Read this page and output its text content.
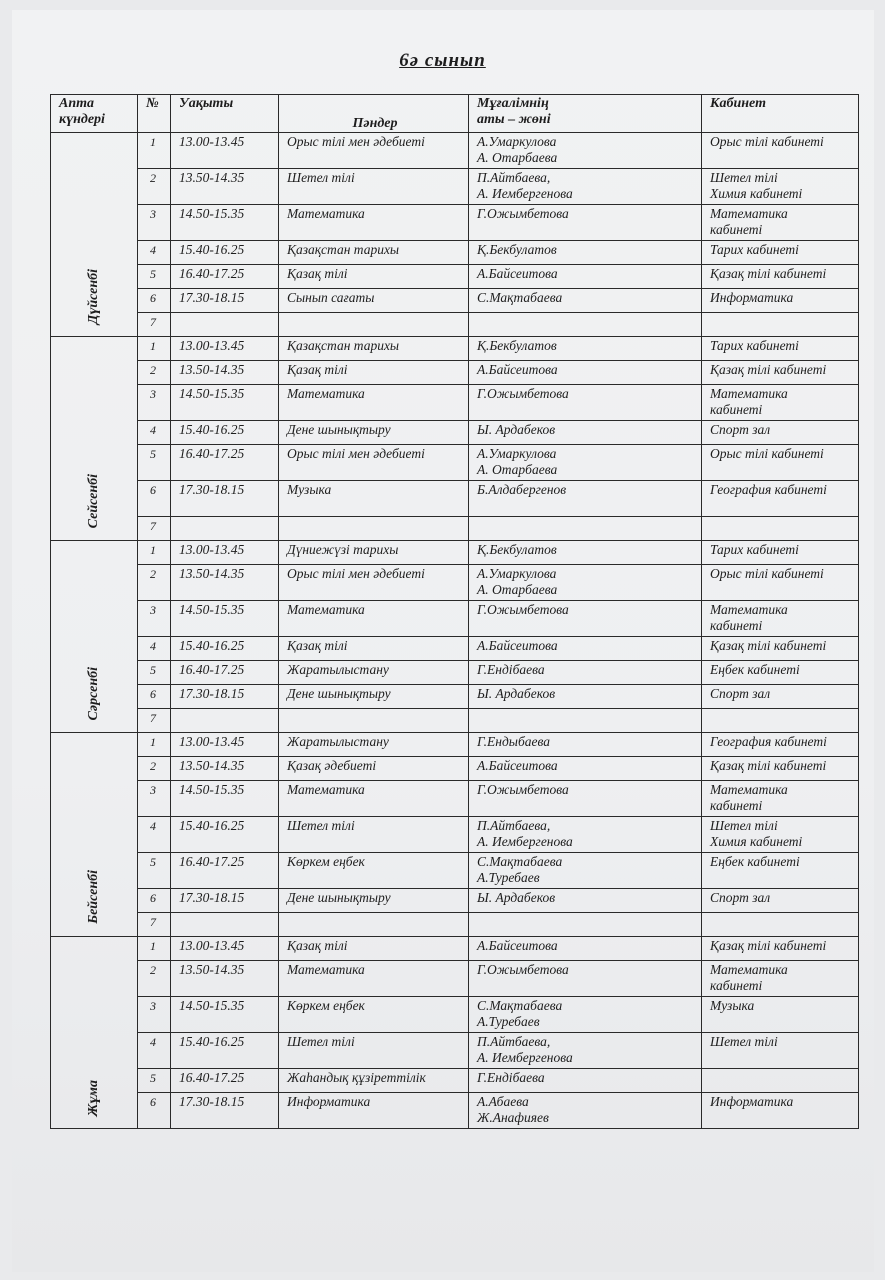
6ә сынып
Апта
күндері	№	Уақыты	Пәндер	Мұғалімнің
аты – жөні	Кабинет
Дүйсенбі	1	13.00-13.45	Орыс тілі мен әдебиеті	А.Умаркулова
А. Отарбаева	Орыс тілі кабинеті

	2	13.50-14.35	Шетел тілі	П.Айтбаева,
А. Иембергенова	Шетел тілі
Химия кабинеті

	3	14.50-15.35	Математика	Г.Ожымбетова	Математика
кабинеті

	4	15.40-16.25	Қазақстан тарихы	Қ.Бекбулатов	Тарих кабинеті

	5	16.40-17.25	Қазақ тілі	А.Байсеитова	Қазақ тілі кабинеті

	6	17.30-18.15	Сынып сағаты	С.Мақтабаева	Информатика

	7				
Сейсенбі	1	13.00-13.45	Қазақстан тарихы	Қ.Бекбулатов	Тарих кабинеті

	2	13.50-14.35	Қазақ тілі	А.Байсеитова	Қазақ тілі кабинеті

	3	14.50-15.35	Математика	Г.Ожымбетова	Математика
кабинеті

	4	15.40-16.25	Дене шынықтыру	Ы. Ардабеков	Спорт зал

	5	16.40-17.25	Орыс тілі мен әдебиеті	А.Умаркулова
А. Отарбаева	Орыс тілі кабинеті

	6	17.30-18.15	Музыка	Б.Алдабергенов	География кабинеті

	7				
Сәрсенбі	1	13.00-13.45	Дүниежүзі тарихы	Қ.Бекбулатов	Тарих кабинеті

	2	13.50-14.35	Орыс тілі мен әдебиеті	А.Умаркулова
А. Отарбаева	Орыс тілі кабинеті

	3	14.50-15.35	Математика	Г.Ожымбетова	Математика
кабинеті

	4	15.40-16.25	Қазақ тілі	А.Байсеитова	Қазақ тілі кабинеті

	5	16.40-17.25	Жаратылыстану	Г.Ендібаева	Еңбек кабинеті

	6	17.30-18.15	Дене шынықтыру	Ы. Ардабеков	Спорт зал

	7				
Бейсенбі	1	13.00-13.45	Жаратылыстану	Г.Ендыбаева	География кабинеті

	2	13.50-14.35	Қазақ әдебиеті	А.Байсеитова	Қазақ тілі кабинеті

	3	14.50-15.35	Математика	Г.Ожымбетова	Математика
кабинеті

	4	15.40-16.25	Шетел тілі	П.Айтбаева,
А. Иембергенова	Шетел тілі
Химия кабинеті

	5	16.40-17.25	Көркем еңбек	С.Мақтабаева
А.Туребаев	Еңбек кабинеті

	6	17.30-18.15	Дене шынықтыру	Ы. Ардабеков	Спорт зал

	7				
Жұма	1	13.00-13.45	Қазақ тілі	А.Байсеитова	Қазақ тілі кабинеті

	2	13.50-14.35	Математика	Г.Ожымбетова	Математика
кабинеті

	3	14.50-15.35	Көркем еңбек	С.Мақтабаева
А.Туребаев	Музыка

	4	15.40-16.25	Шетел тілі	П.Айтбаева,
А. Иембергенова	Шетел тілі

	5	16.40-17.25	Жаһандық құзіреттілік	Г.Ендібаева	

	6	17.30-18.15	Информатика	А.Абаева
Ж.Анафияев	Информатика
